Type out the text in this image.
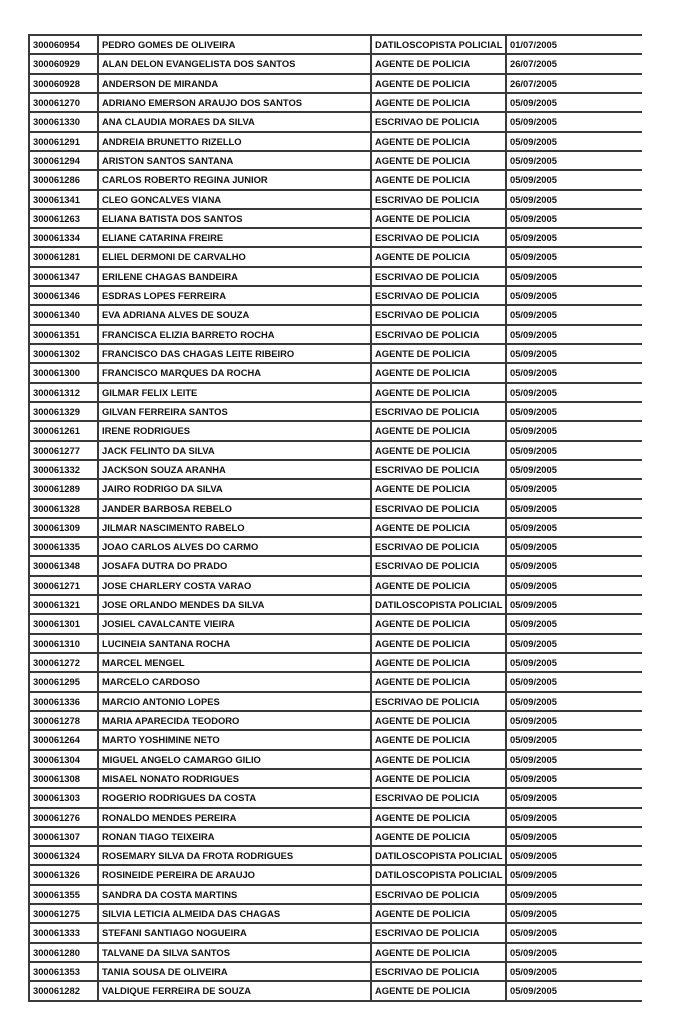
300060954	PEDRO GOMES DE OLIVEIRA	DATILOSCOPISTA POLICIAL 01/07/2005
300060929	ALAN DELON EVANGELISTA DOS SANTOS	AGENTE DE POLICIA	26/07/2005
300060928	ANDERSON DE MIRANDA	AGENTE DE POLICIA	26/07/2005
300061270	ADRIANO EMERSON ARAUJO DOS SANTOS	AGENTE DE POLICIA	05/09/2005
300061330	ANA CLAUDIA MORAES DA SILVA	ESCRIVAO DE POLICIA	05/09/2005
300061291	ANDREIA BRUNETTO RIZELLO	AGENTE DE POLICIA	05/09/2005
300061294	ARISTON SANTOS SANTANA	AGENTE DE POLICIA	05/09/2005
300061286	CARLOS ROBERTO REGINA JUNIOR	AGENTE DE POLICIA	05/09/2005
300061341	CLEO GONCALVES VIANA	ESCRIVAO DE POLICIA	05/09/2005
300061263	ELIANA BATISTA DOS SANTOS	AGENTE DE POLICIA	05/09/2005
300061334	ELIANE CATARINA FREIRE	ESCRIVAO DE POLICIA	05/09/2005
300061281	ELIEL DERMONI DE CARVALHO	AGENTE DE POLICIA	05/09/2005
300061347	ERILENE CHAGAS BANDEIRA	ESCRIVAO DE POLICIA	05/09/2005
300061346	ESDRAS LOPES FERREIRA	ESCRIVAO DE POLICIA	05/09/2005
300061340	EVA ADRIANA ALVES DE SOUZA	ESCRIVAO DE POLICIA	05/09/2005
300061351	FRANCISCA ELIZIA BARRETO ROCHA	ESCRIVAO DE POLICIA	05/09/2005
300061302	FRANCISCO DAS CHAGAS LEITE RIBEIRO	AGENTE DE POLICIA	05/09/2005
300061300	FRANCISCO MARQUES DA ROCHA	AGENTE DE POLICIA	05/09/2005
300061312	GILMAR FELIX LEITE	AGENTE DE POLICIA	05/09/2005
300061329	GILVAN FERREIRA SANTOS	ESCRIVAO DE POLICIA	05/09/2005
300061261	IRENE RODRIGUES	AGENTE DE POLICIA	05/09/2005
300061277	JACK FELINTO DA SILVA	AGENTE DE POLICIA	05/09/2005
300061332	JACKSON SOUZA ARANHA	ESCRIVAO DE POLICIA	05/09/2005
300061289	JAIRO RODRIGO DA SILVA	AGENTE DE POLICIA	05/09/2005
300061328	JANDER BARBOSA REBELO	ESCRIVAO DE POLICIA	05/09/2005
300061309	JILMAR NASCIMENTO RABELO	AGENTE DE POLICIA	05/09/2005
300061335	JOAO CARLOS ALVES DO CARMO	ESCRIVAO DE POLICIA	05/09/2005
300061348	JOSAFA DUTRA DO PRADO	ESCRIVAO DE POLICIA	05/09/2005
300061271	JOSE CHARLERY COSTA VARAO	AGENTE DE POLICIA	05/09/2005
300061321	JOSE ORLANDO MENDES DA SILVA	DATILOSCOPISTA POLICIAL 05/09/2005
300061301	JOSIEL CAVALCANTE VIEIRA	AGENTE DE POLICIA	05/09/2005
300061310	LUCINEIA SANTANA ROCHA	AGENTE DE POLICIA	05/09/2005
300061272	MARCEL MENGEL	AGENTE DE POLICIA	05/09/2005
300061295	MARCELO CARDOSO	AGENTE DE POLICIA	05/09/2005
300061336	MARCIO ANTONIO LOPES	ESCRIVAO DE POLICIA	05/09/2005
300061278	MARIA APARECIDA TEODORO	AGENTE DE POLICIA	05/09/2005
300061264	MARTO YOSHIMINE NETO	AGENTE DE POLICIA	05/09/2005
300061304	MIGUEL ANGELO CAMARGO GILIO	AGENTE DE POLICIA	05/09/2005
300061308	MISAEL NONATO RODRIGUES	AGENTE DE POLICIA	05/09/2005
300061303	ROGERIO RODRIGUES DA COSTA	ESCRIVAO DE POLICIA	05/09/2005
300061276	RONALDO MENDES PEREIRA	AGENTE DE POLICIA	05/09/2005
300061307	RONAN TIAGO TEIXEIRA	AGENTE DE POLICIA	05/09/2005
300061324	ROSEMARY SILVA DA FROTA RODRIGUES	DATILOSCOPISTA POLICIAL 05/09/2005
300061326	ROSINEIDE PEREIRA DE ARAUJO	DATILOSCOPISTA POLICIAL 05/09/2005
300061355	SANDRA DA COSTA MARTINS	ESCRIVAO DE POLICIA	05/09/2005
300061275	SILVIA LETICIA ALMEIDA DAS CHAGAS	AGENTE DE POLICIA	05/09/2005
300061333	STEFANI SANTIAGO NOGUEIRA	ESCRIVAO DE POLICIA	05/09/2005
300061280	TALVANE DA SILVA SANTOS	AGENTE DE POLICIA	05/09/2005
300061353	TANIA SOUSA DE OLIVEIRA	ESCRIVAO DE POLICIA	05/09/2005
300061282	VALDIQUE FERREIRA DE SOUZA	AGENTE DE POLICIA	05/09/2005
